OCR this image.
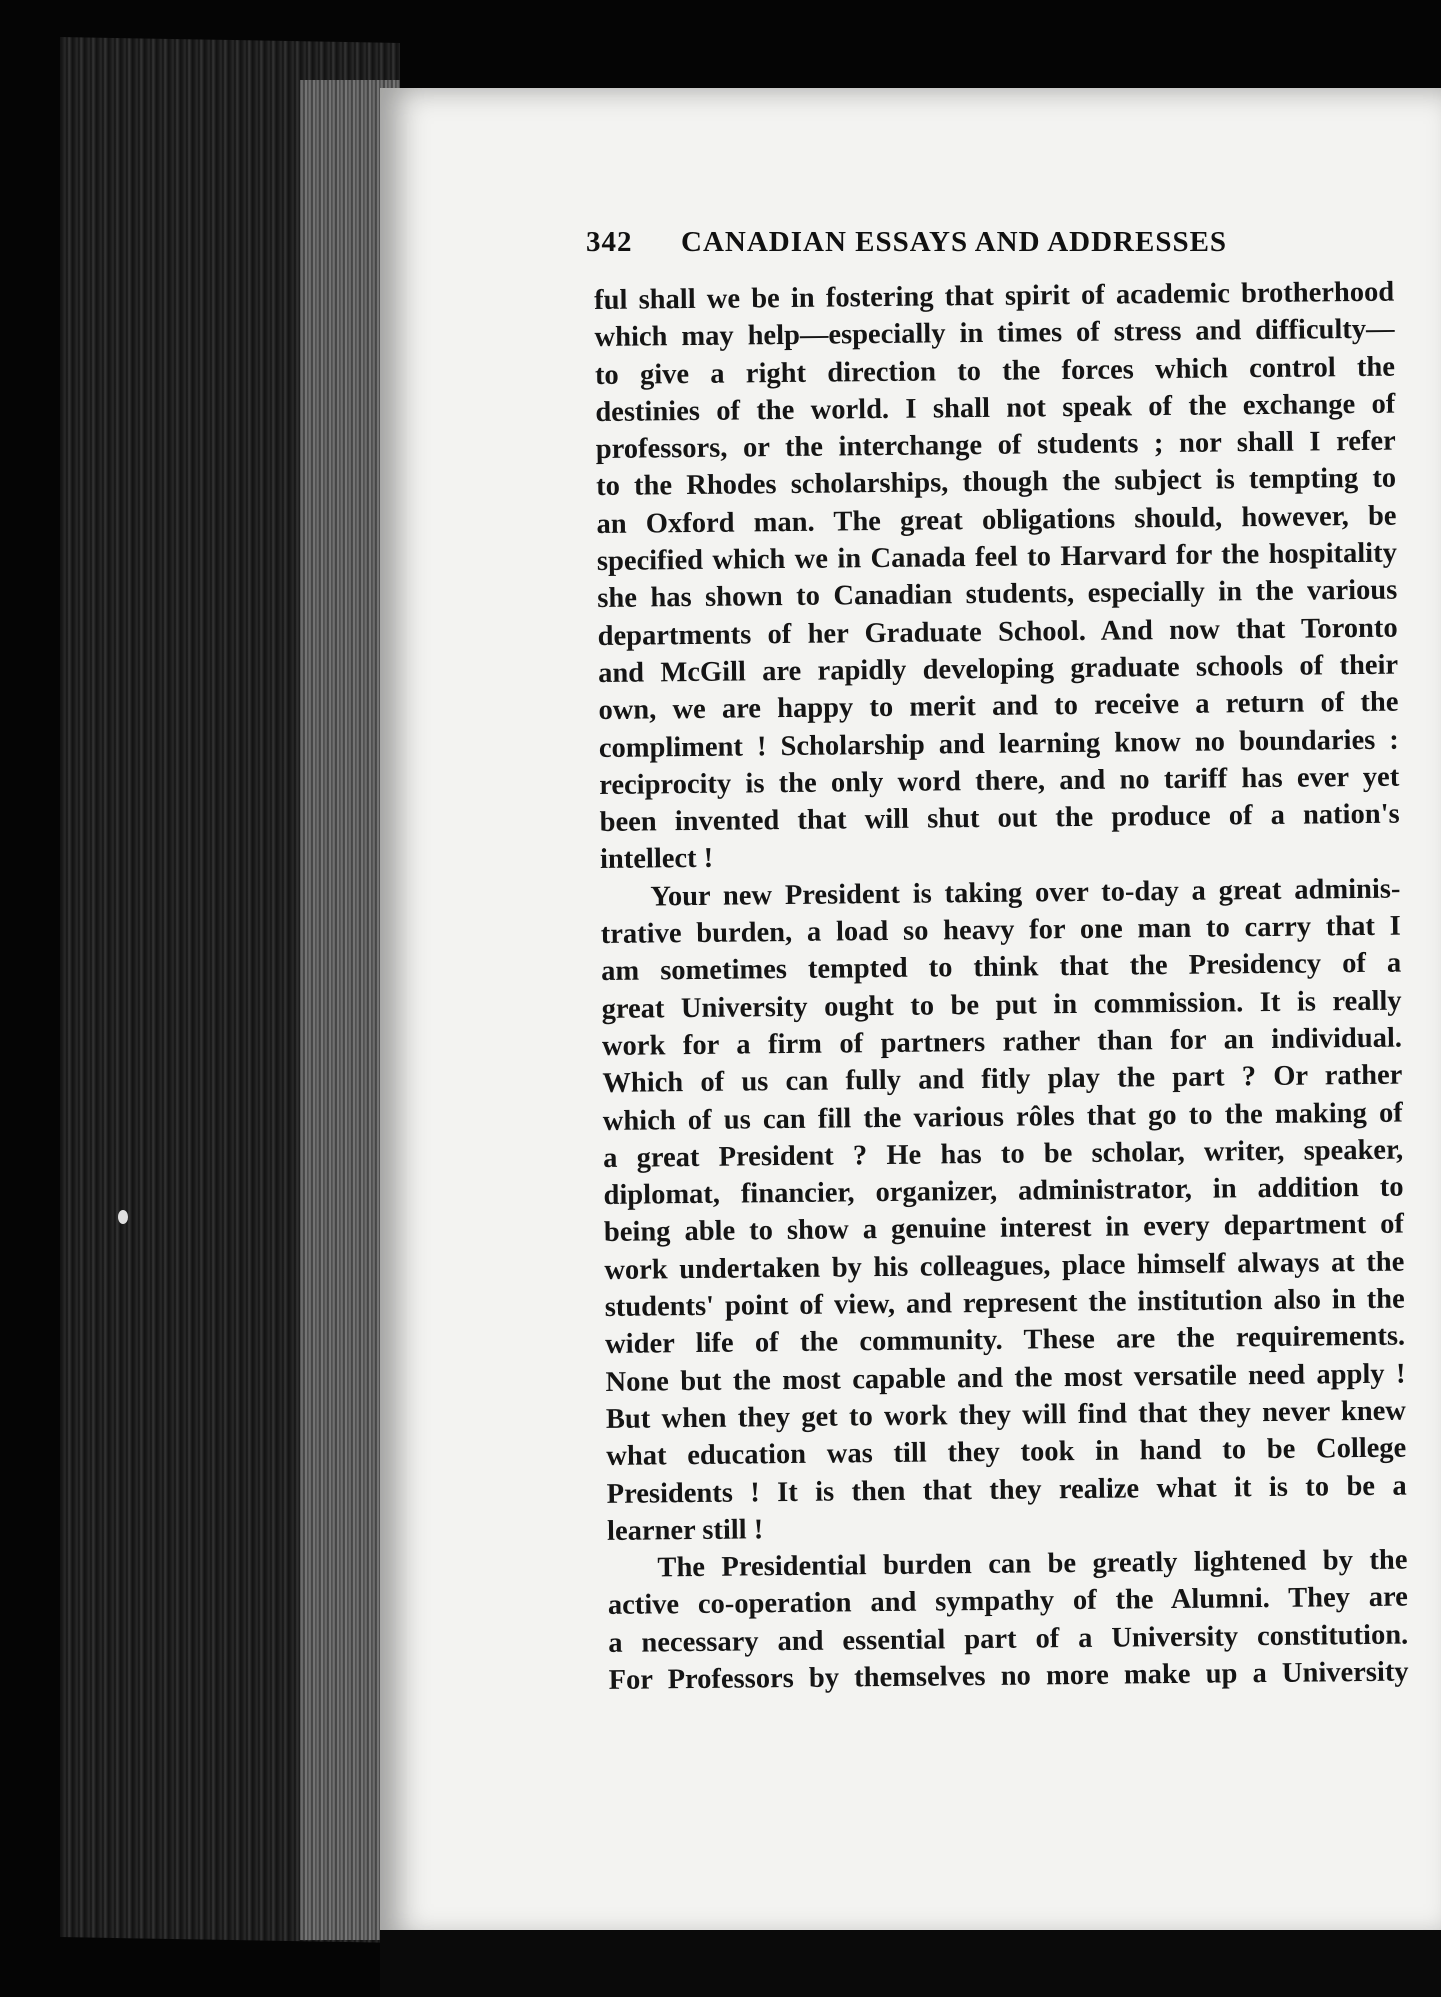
342 CANADIAN ESSAYS AND ADDRESSES
ful shall we be in fostering that spirit of academic brotherhood
which may help—especially in times of stress and difficulty—
to give a right direction to the forces which control the
destinies of the world. I shall not speak of the exchange of
professors, or the interchange of students ; nor shall I refer
to the Rhodes scholarships, though the subject is tempting to
an Oxford man. The great obligations should, however, be
specified which we in Canada feel to Harvard for the hospitality
she has shown to Canadian students, especially in the various
departments of her Graduate School. And now that Toronto
and McGill are rapidly developing graduate schools of their
own, we are happy to merit and to receive a return of the
compliment ! Scholarship and learning know no boundaries :
reciprocity is the only word there, and no tariff has ever yet
been invented that will shut out the produce of a nation's
intellect !
Your new President is taking over to-day a great adminis-
trative burden, a load so heavy for one man to carry that I
am sometimes tempted to think that the Presidency of a
great University ought to be put in commission. It is really
work for a firm of partners rather than for an individual.
Which of us can fully and fitly play the part ? Or rather
which of us can fill the various rôles that go to the making of
a great President ? He has to be scholar, writer, speaker,
diplomat, financier, organizer, administrator, in addition to
being able to show a genuine interest in every department of
work undertaken by his colleagues, place himself always at the
students' point of view, and represent the institution also in the
wider life of the community. These are the requirements.
None but the most capable and the most versatile need apply !
But when they get to work they will find that they never knew
what education was till they took in hand to be College
Presidents ! It is then that they realize what it is to be a
learner still !
The Presidential burden can be greatly lightened by the
active co-operation and sympathy of the Alumni. They are
a necessary and essential part of a University constitution.
For Professors by themselves no more make up a University
